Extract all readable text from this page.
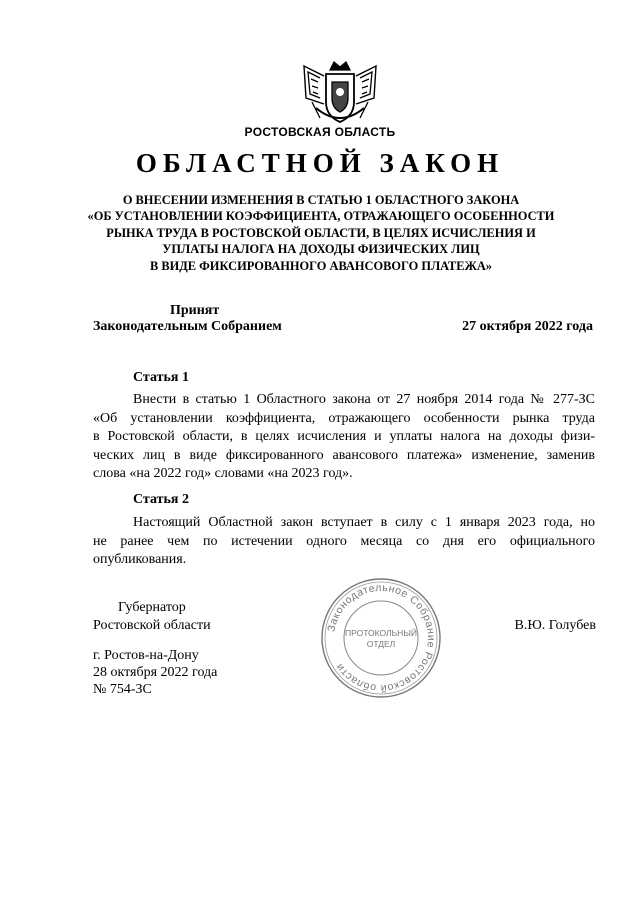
РОСТОВСКАЯ ОБЛАСТЬ
ОБЛАСТНОЙ ЗАКОН
О ВНЕСЕНИИ ИЗМЕНЕНИЯ В СТАТЬЮ 1 ОБЛАСТНОГО ЗАКОНА
«ОБ УСТАНОВЛЕНИИ КОЭФФИЦИЕНТА, ОТРАЖАЮЩЕГО ОСОБЕННОСТИ
РЫНКА ТРУДА В РОСТОВСКОЙ ОБЛАСТИ, В ЦЕЛЯХ ИСЧИСЛЕНИЯ И
УПЛАТЫ НАЛОГА НА ДОХОДЫ ФИЗИЧЕСКИХ ЛИЦ
В ВИДЕ ФИКСИРОВАННОГО АВАНСОВОГО ПЛАТЕЖА»
Принят
Законодательным Собранием	27 октября 2022 года
Статья 1
Внести в статью 1 Областного закона от 27 ноября 2014 года № 277-ЗС
«Об установлении коэффициента, отражающего особенности рынка труда
в Ростовской области, в целях исчисления и уплаты налога на доходы физи-
ческих лиц в виде фиксированного авансового платежа» изменение, заменив
слова «на 2022 год» словами «на 2023 год».
Статья 2
Настоящий Областной закон вступает в силу с 1 января 2023 года, но
не ранее чем по истечении одного месяца со дня его официального
опубликования.
Губернатор
Ростовской области	В.Ю. Голубев
г. Ростов-на-Дону
28 октября 2022 года
№ 754-ЗС
Законодательное Собрание Ростовской области
ПРОТОКОЛЬНЫЙ
ОТДЕЛ
